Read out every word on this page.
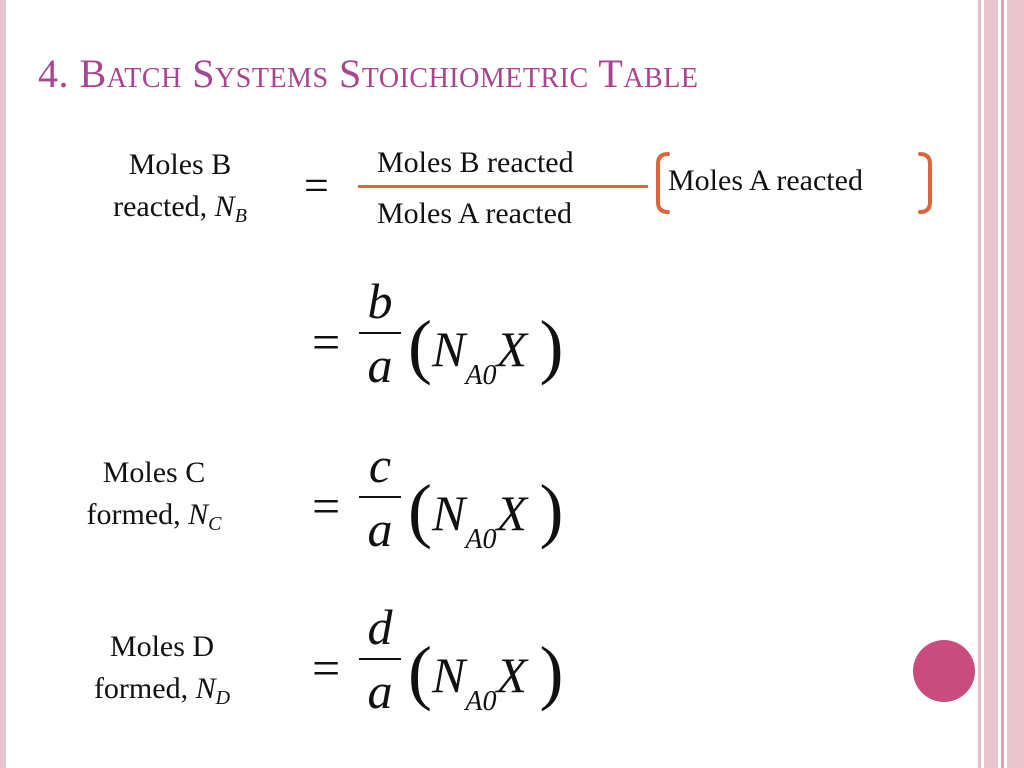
4. Batch Systems Stoichiometric Table
Moles B
reacted, $N_B$
= Moles B reacted
Moles A reacted
Moles A reacted
=
b
a ($N_{A0}X$ )
Moles C
formed, $N_C$	=
c
a ($N_{A0}X$ )
Moles D
formed, $N_D$
=
d
a ($N_{A0}X$ )
